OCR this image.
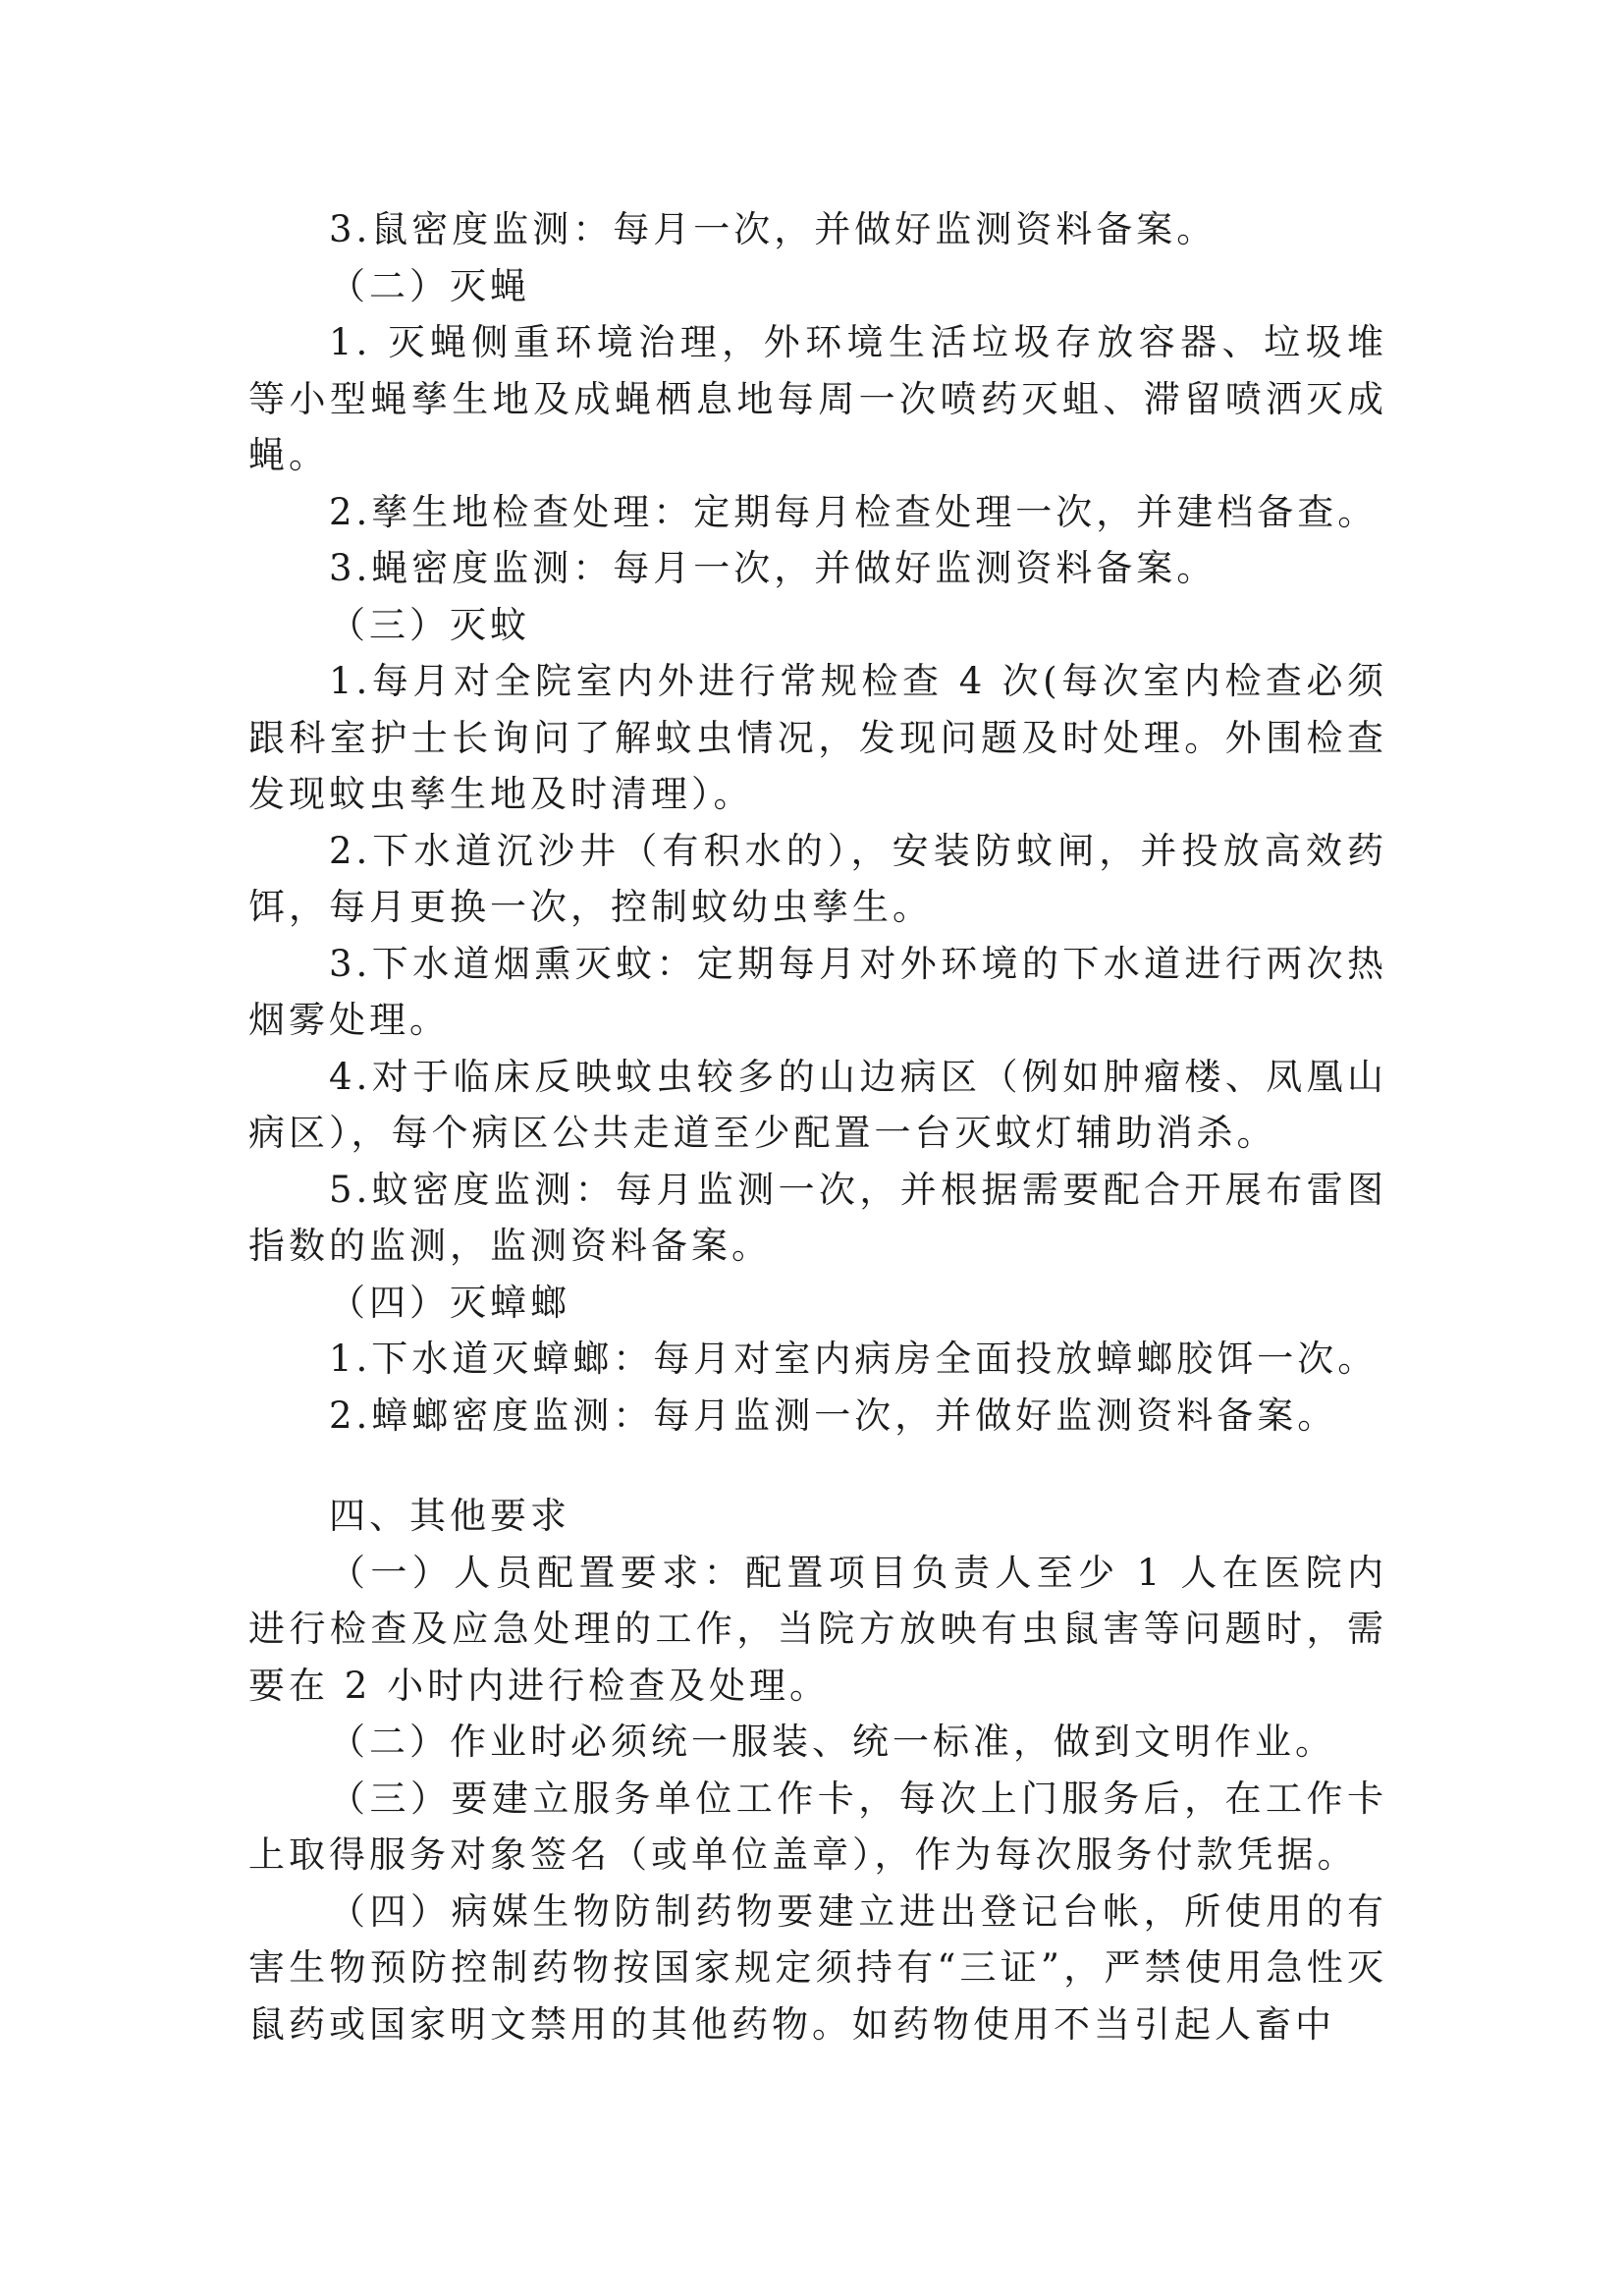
3.鼠密度监测：每月一次，并做好监测资料备案。

（二）灭蝇

1. 灭蝇侧重环境治理，外环境生活垃圾存放容器、垃圾堆等小型蝇孳生地及成蝇栖息地每周一次喷药灭蛆、滞留喷洒灭成蝇。

2.孳生地检查处理：定期每月检查处理一次，并建档备查。

3.蝇密度监测：每月一次，并做好监测资料备案。

（三）灭蚊

1.每月对全院室内外进行常规检查 4 次(每次室内检查必须跟科室护士长询问了解蚊虫情况，发现问题及时处理。外围检查发现蚊虫孳生地及时清理）。

2.下水道沉沙井（有积水的），安装防蚊闸，并投放高效药饵，每月更换一次，控制蚊幼虫孳生。

3.下水道烟熏灭蚊：定期每月对外环境的下水道进行两次热烟雾处理。

4.对于临床反映蚊虫较多的山边病区（例如肿瘤楼、凤凰山病区），每个病区公共走道至少配置一台灭蚊灯辅助消杀。

5.蚊密度监测：每月监测一次，并根据需要配合开展布雷图指数的监测，监测资料备案。

（四）灭蟑螂

1.下水道灭蟑螂：每月对室内病房全面投放蟑螂胶饵一次。

2.蟑螂密度监测：每月监测一次，并做好监测资料备案。

四、其他要求

（一）人员配置要求：配置项目负责人至少 1 人在医院内进行检查及应急处理的工作，当院方放映有虫鼠害等问题时，需要在 2 小时内进行检查及处理。

（二）作业时必须统一服装、统一标准，做到文明作业。

（三）要建立服务单位工作卡，每次上门服务后，在工作卡上取得服务对象签名（或单位盖章），作为每次服务付款凭据。

（四）病媒生物防制药物要建立进出登记台帐，所使用的有害生物预防控制药物按国家规定须持有“三证”，严禁使用急性灭鼠药或国家明文禁用的其他药物。如药物使用不当引起人畜中
